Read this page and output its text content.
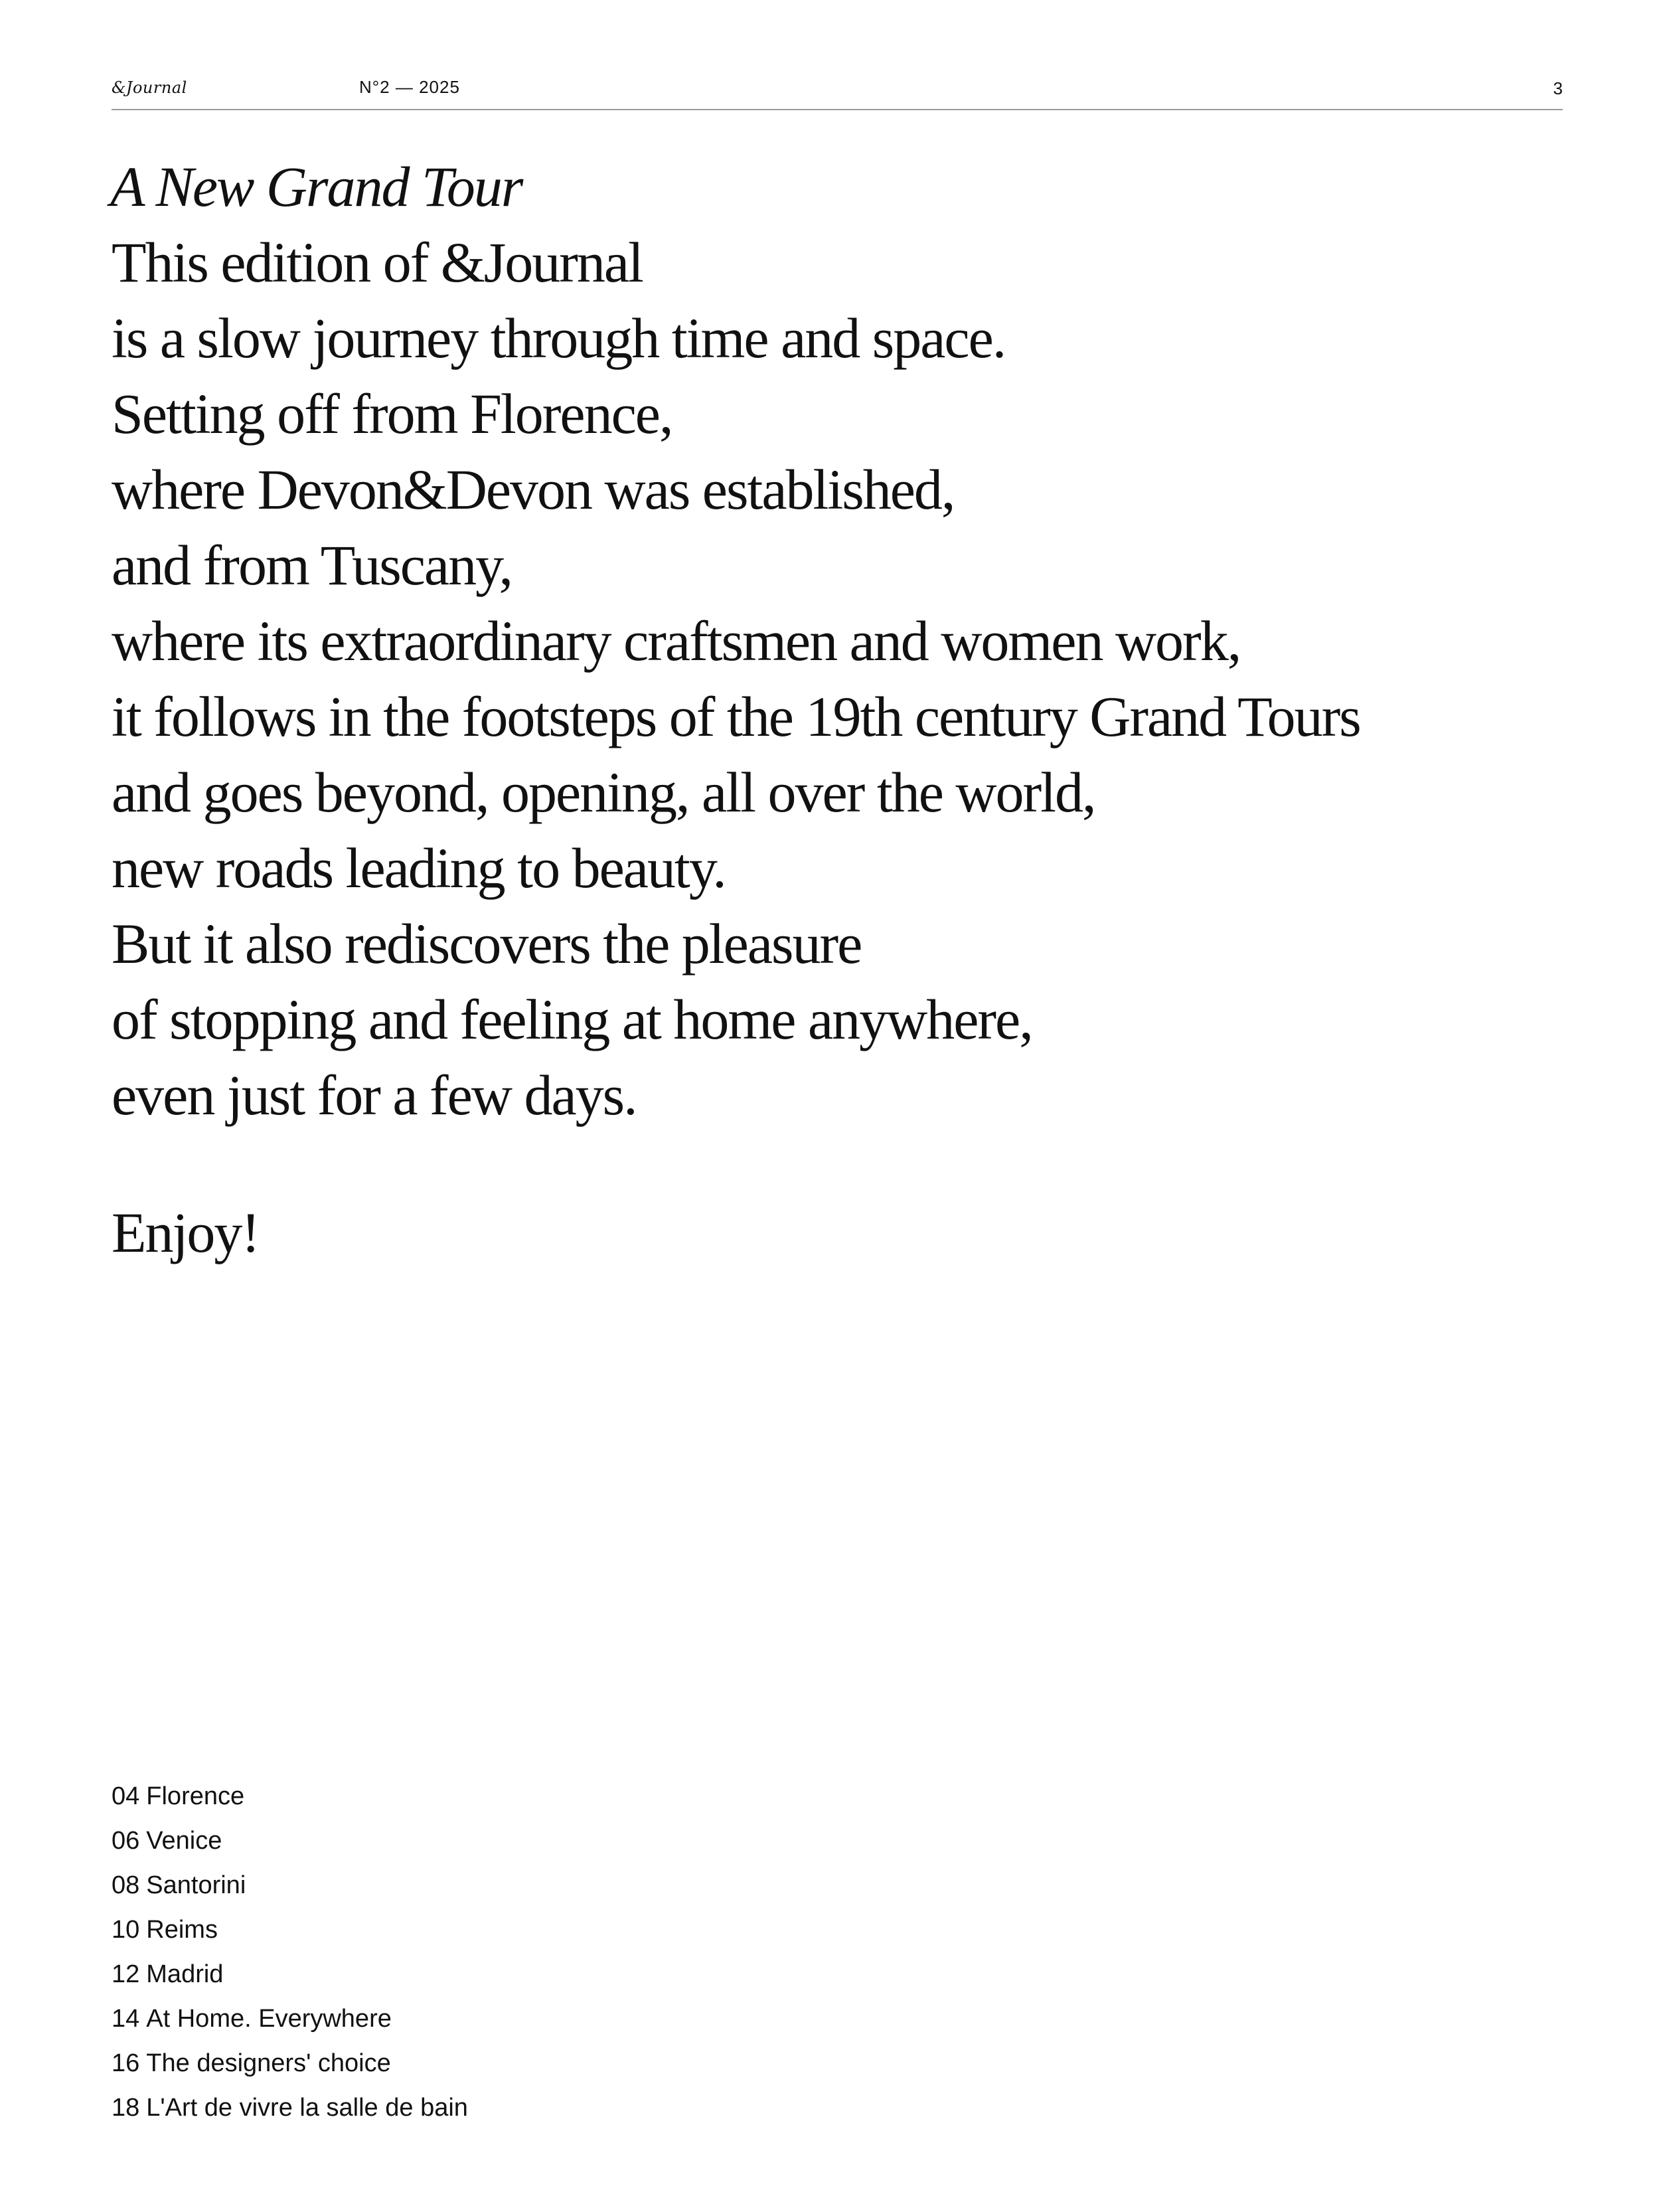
&Journal	N°2 — 2025	3
A New Grand Tour
This edition of &Journal
is a slow journey through time and space.
Setting off from Florence,
where Devon&Devon was established,
and from Tuscany,
where its extraordinary craftsmen and women work,
it follows in the footsteps of the 19th century Grand Tours
and goes beyond, opening, all over the world,
new roads leading to beauty.
But it also rediscovers the pleasure
of stopping and feeling at home anywhere,
even just for a few days.
Enjoy!
04 Florence
06 Venice
08 Santorini
10 Reims
12 Madrid
14 At Home. Everywhere
16 The designers' choice
18 L'Art de vivre la salle de bain
